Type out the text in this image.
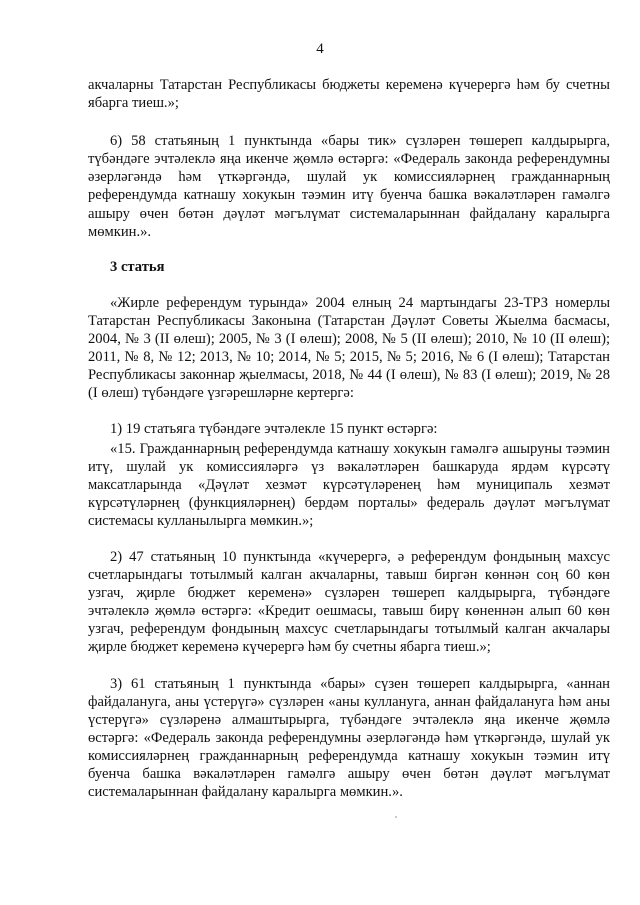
4

акчаларны Татарстан Республикасы бюджеты кеременә күчерергә һәм бу счетны ябарга тиеш.»;

6) 58 статьяның 1 пунктында «бары тик» сүзләрен төшереп калдырырга, түбәндәге эчтәлеклә яңа икенче җөмлә өстәргә: «Федераль законда референдумны әзерләгәндә һәм үткәргәндә, шулай ук комиссияләрнең гражданнарның референдумда катнашу хокукын тәэмин итү буенча башка вәкаләтләрен гамәлгә ашыру өчен бөтән дәүләт мәгълүмат системаларыннан файдалану каралырга мөмкин.».

3 статья

«Жирле референдум турында» 2004 елның 24 мартындагы 23-ТРЗ номерлы Татарстан Республикасы Законына (Татарстан Дәүләт Советы Жыелма басмасы, 2004, № 3 (II өлеш); 2005, № 3 (I өлеш); 2008, № 5 (II өлеш); 2010, № 10 (II өлеш); 2011, № 8, № 12; 2013, № 10; 2014, № 5; 2015, № 5; 2016, № 6 (I өлеш); Татарстан Республикасы законнар җыелмасы, 2018, № 44 (I өлеш), № 83 (I өлеш); 2019, № 28 (I өлеш) түбәндәге үзгәрешләрне кертергә:

1) 19 статьяга түбәндәге эчтәлекле 15 пункт өстәргә:

«15. Гражданнарның референдумда катнашу хокукын гамәлгә ашыруны тәэмин итү, шулай ук комиссияләргә үз вәкаләтләрен башкаруда ярдәм күрсәтү максатларында «Дәүләт хезмәт күрсәтүләренең һәм муниципаль хезмәт күрсәтүләрнең (функцияләрнең) бердәм порталы» федераль дәүләт мәгълүмат системасы кулланылырга мөмкин.»;

2) 47 статьяның 10 пунктында «күчерергә, ә референдум фондының махсус счетларындагы тотылмый калган акчаларны, тавыш биргән көннән соң 60 көн узгач, җирле бюджет кеременә» сүзләрен төшереп калдырырга, түбәндәге эчтәлеклә җөмлә өстәргә: «Кредит оешмасы, тавыш бирү көненнән алып 60 көн узгач, референдум фондының махсус счетларындагы тотылмый калган акчалары җирле бюджет кеременә күчерергә һәм бу счетны ябарга тиеш.»;

3) 61 статьяның 1 пунктында «бары» сүзен төшереп калдырырга, «аннан файдалануга, аны үстерүгә» сүзләрен «аны куллануга, аннан файдалануга һәм аны үстерүгә» сүзләренә алмаштырырга, түбәндәге эчтәлеклә яңа икенче җөмлә өстәргә: «Федераль законда референдумны әзерләгәндә һәм үткәргәндә, шулай ук комиссияләрнең гражданнарның референдумда катнашу хокукын тәэмин итү буенча башка вәкаләтләрен гамәлгә ашыру өчен бөтән дәүләт мәгълүмат системаларыннан файдалану каралырга мөмкин.».
